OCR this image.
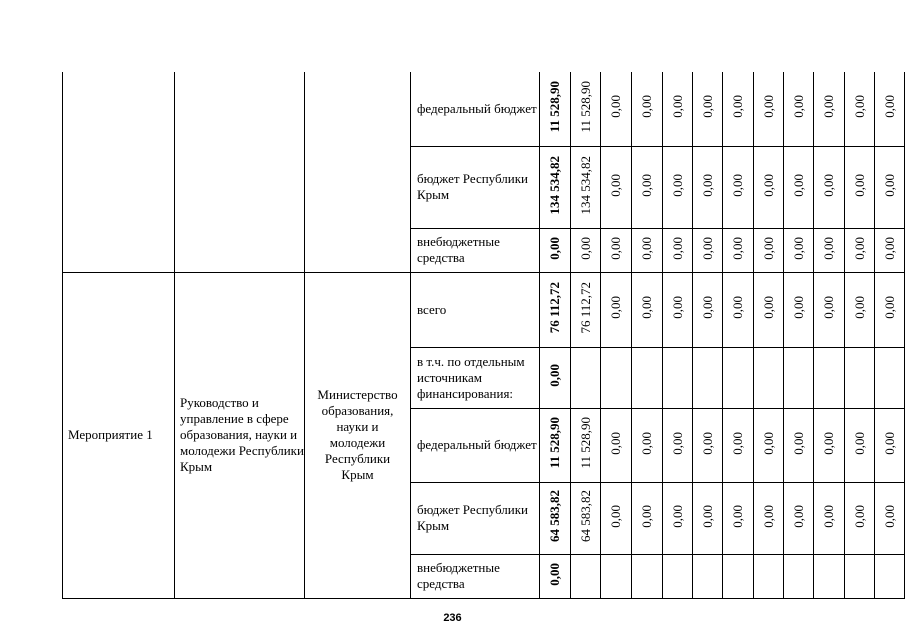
			федеральный бюджет	11 528,90	11 528,90	0,00	0,00	0,00	0,00	0,00	0,00	0,00	0,00	0,00	0,00
			бюджет Республики Крым	134 534,82	134 534,82	0,00	0,00	0,00	0,00	0,00	0,00	0,00	0,00	0,00	0,00
			внебюджетные средства	0,00	0,00	0,00	0,00	0,00	0,00	0,00	0,00	0,00	0,00	0,00	0,00
Мероприятие 1	Руководство и управление в сфере образования, науки и молодежи Республики Крым	Министерство образования, науки и молодежи Республики Крым	всего	76 112,72	76 112,72	0,00	0,00	0,00	0,00	0,00	0,00	0,00	0,00	0,00	0,00
			в т.ч. по отдельным источникам финансирования:	0,00											
			федеральный бюджет	11 528,90	11 528,90	0,00	0,00	0,00	0,00	0,00	0,00	0,00	0,00	0,00	0,00
			бюджет Республики Крым	64 583,82	64 583,82	0,00	0,00	0,00	0,00	0,00	0,00	0,00	0,00	0,00	0,00
			внебюджетные средства	0,00											
236
